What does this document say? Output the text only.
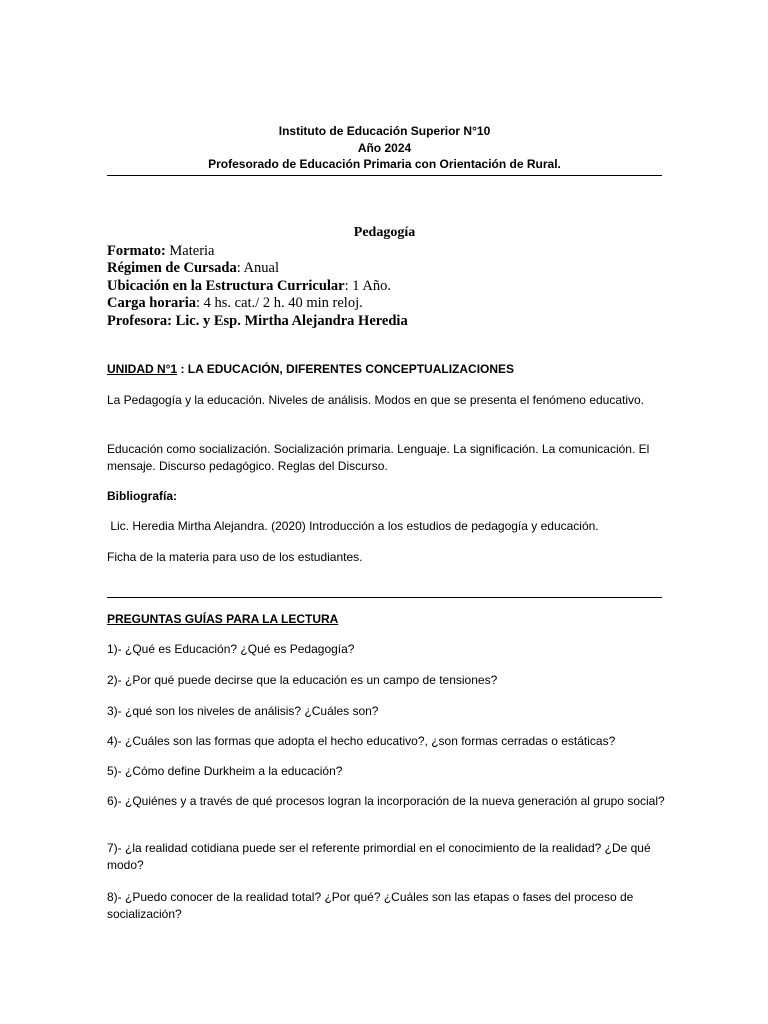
Instituto de Educación Superior N°10
Año 2024
Profesorado de Educación Primaria con Orientación de Rural.
Pedagogía
Formato: Materia
Régimen de Cursada: Anual
Ubicación en la Estructura Curricular: 1 Año.
Carga horaria: 4 hs. cat./ 2 h. 40 min reloj.
Profesora: Lic. y Esp. Mirtha Alejandra Heredia
UNIDAD N°1 : LA EDUCACIÓN, DIFERENTES CONCEPTUALIZACIONES
La Pedagogía y la educación. Niveles de análisis. Modos en que se presenta el fenómeno educativo.
Educación como socialización. Socialización primaria. Lenguaje. La significación. La comunicación. El mensaje. Discurso pedagógico. Reglas del Discurso.
Bibliografía:
Lic. Heredia Mirtha Alejandra. (2020) Introducción a los estudios de pedagogía y educación.
Ficha de la materia para uso de los estudiantes.
PREGUNTAS GUÍAS PARA LA LECTURA
1)- ¿Qué es Educación? ¿Qué es Pedagogía?
2)- ¿Por qué puede decirse que la educación es un campo de tensiones?
3)- ¿qué son los niveles de análisis? ¿Cuáles son?
4)- ¿Cuáles son las formas que adopta el hecho educativo?, ¿son formas cerradas o estáticas?
5)- ¿Cómo define Durkheim a la educación?
6)- ¿Quiénes y a través de qué procesos logran la incorporación de la nueva generación al grupo social?
7)- ¿la realidad cotidiana puede ser el referente primordial en el conocimiento de la realidad? ¿De qué modo?
8)- ¿Puedo conocer de la realidad total? ¿Por qué? ¿Cuáles son las etapas o fases del proceso de socialización?
